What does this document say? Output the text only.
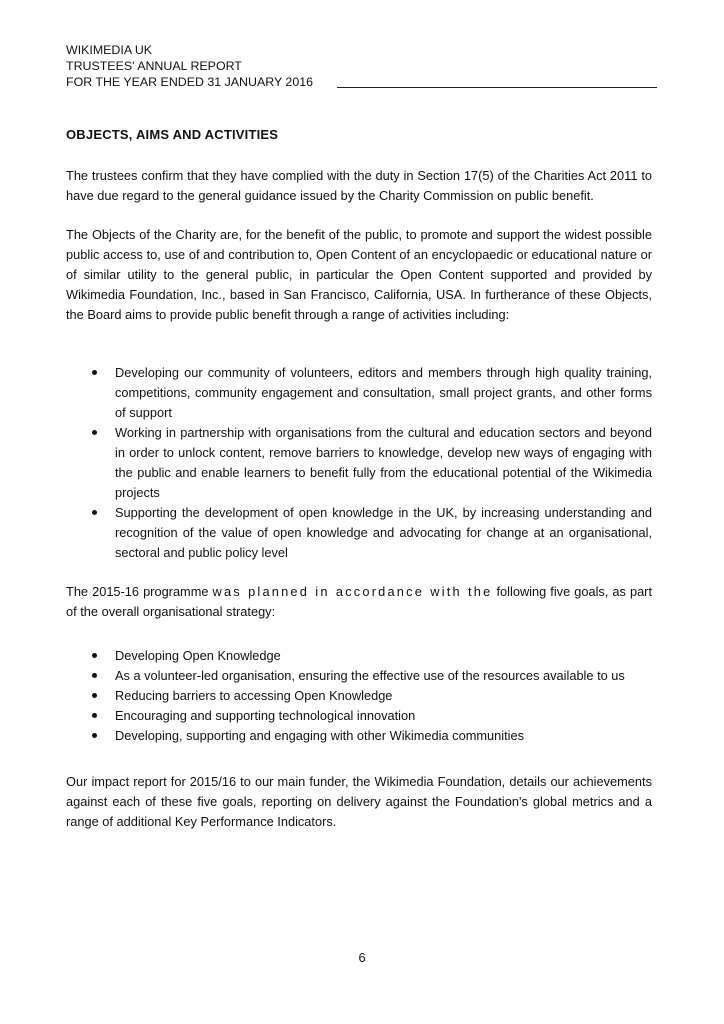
WIKIMEDIA UK
TRUSTEES' ANNUAL REPORT
FOR THE YEAR ENDED 31 JANUARY 2016
OBJECTS, AIMS AND ACTIVITIES

The trustees confirm that they have complied with the duty in Section 17(5) of the Charities Act 2011 to have due regard to the general guidance issued by the Charity Commission on public benefit.

The Objects of the Charity are, for the benefit of the public, to promote and support the widest possible public access to, use of and contribution to, Open Content of an encyclopaedic or educational nature or of similar utility to the general public, in particular the Open Content supported and provided by Wikimedia Foundation, Inc., based in San Francisco, California, USA. In furtherance of these Objects, the Board aims to provide public benefit through a range of activities including:

Developing our community of volunteers, editors and members through high quality training, competitions, community engagement and consultation, small project grants, and other forms of support
Working in partnership with organisations from the cultural and education sectors and beyond in order to unlock content, remove barriers to knowledge, develop new ways of engaging with the public and enable learners to benefit fully from the educational potential of the Wikimedia projects
Supporting the development of open knowledge in the UK, by increasing understanding and recognition of the value of open knowledge and advocating for change at an organisational, sectoral and public policy level

The 2015-16 programme was planned in accordance with the following five goals, as part of the overall organisational strategy:

Developing Open Knowledge
As a volunteer-led organisation, ensuring the effective use of the resources available to us
Reducing barriers to accessing Open Knowledge
Encouraging and supporting technological innovation
Developing, supporting and engaging with other Wikimedia communities

Our impact report for 2015/16 to our main funder, the Wikimedia Foundation, details our achievements against each of these five goals, reporting on delivery against the Foundation's global metrics and a range of additional Key Performance Indicators.

6
